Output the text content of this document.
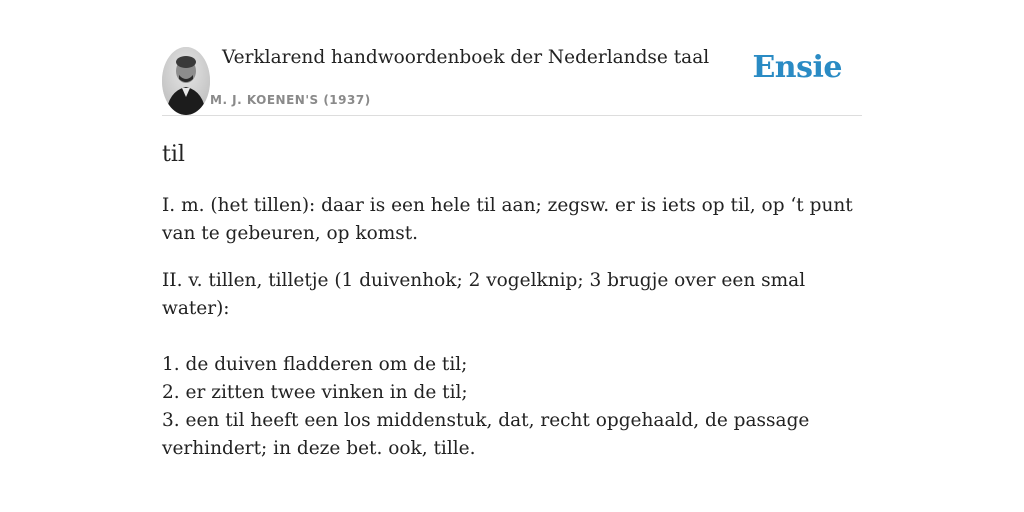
Verklarend handwoordenboek der Nederlandse taal
M. J. KOENEN'S (1937)
Ensie
til

I. m. (het tillen): daar is een hele til aan; zegsw. er is iets op til, op ‘t punt van te gebeuren, op komst.

II. v. tillen, tilletje (1 duivenhok; 2 vogelknip; 3 brugje over een smal water):

1. de duiven fladderen om de til;
2. er zitten twee vinken in de til;
3. een til heeft een los middenstuk, dat, recht opgehaald, de passage verhindert; in deze bet. ook, tille.
